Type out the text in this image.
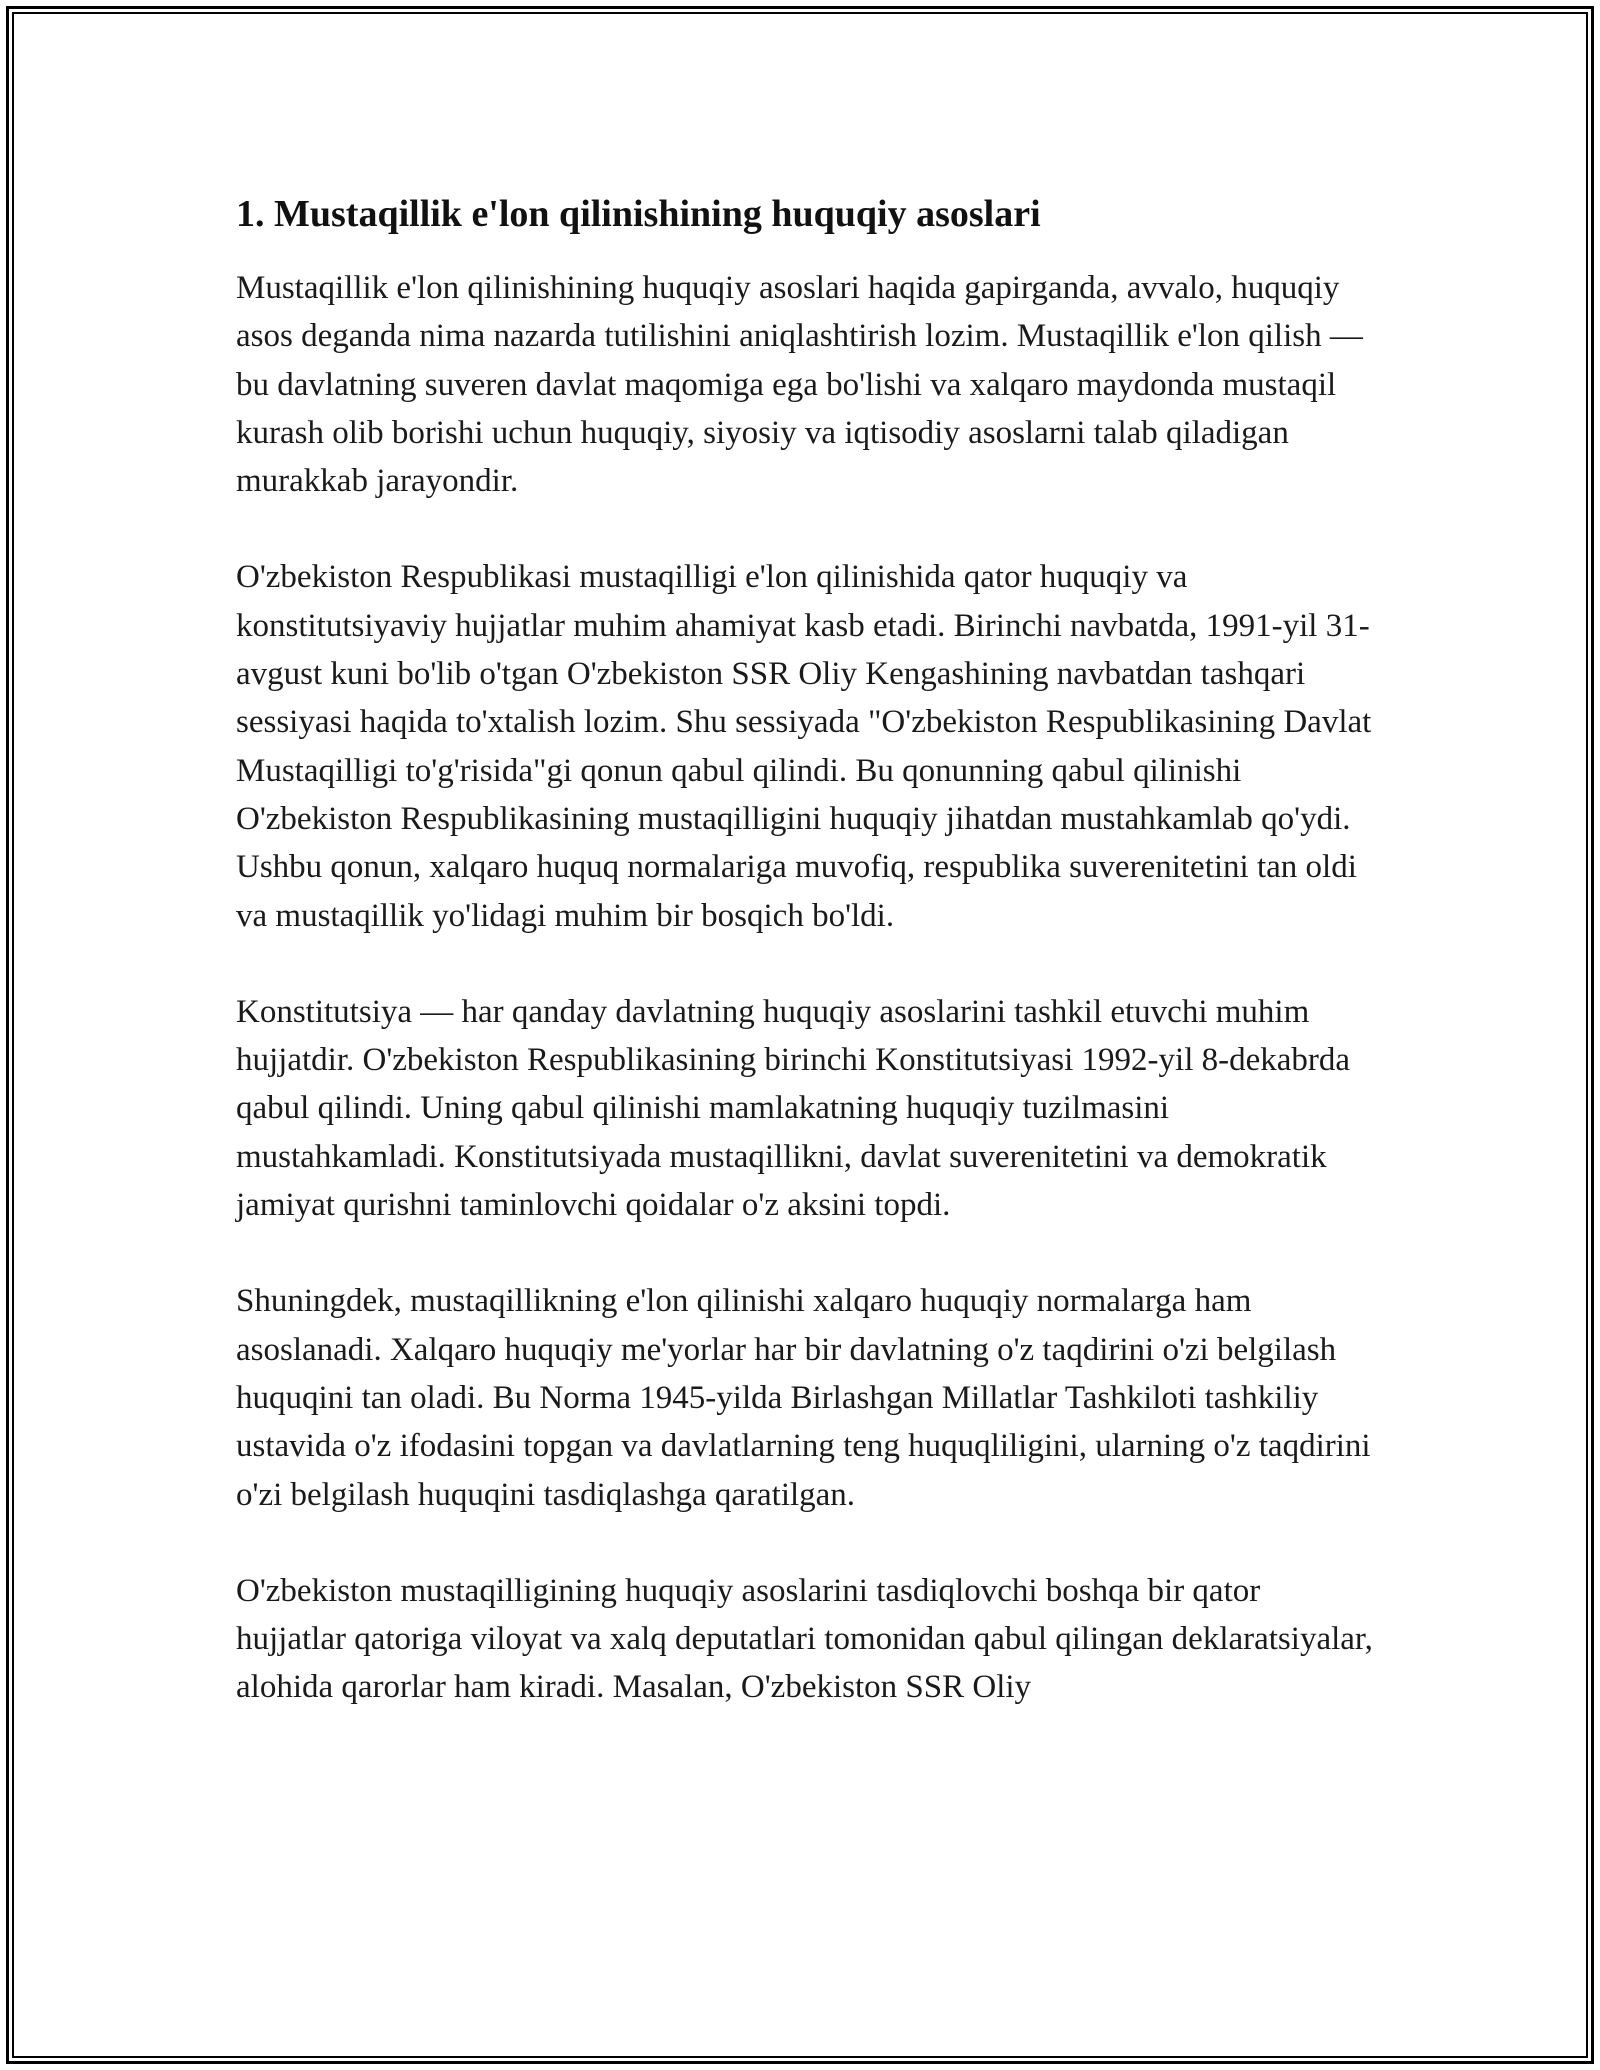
1. Mustaqillik e'lon qilinishining huquqiy asoslari

Mustaqillik e'lon qilinishining huquqiy asoslari haqida gapirganda, avvalo, huquqiy asos deganda nima nazarda tutilishini aniqlashtirish lozim. Mustaqillik e'lon qilish — bu davlatning suveren davlat maqomiga ega bo'lishi va xalqaro maydonda mustaqil kurash olib borishi uchun huquqiy, siyosiy va iqtisodiy asoslarni talab qiladigan murakkab jarayondir.

O'zbekiston Respublikasi mustaqilligi e'lon qilinishida qator huquqiy va konstitutsiyaviy hujjatlar muhim ahamiyat kasb etadi. Birinchi navbatda, 1991-yil 31-avgust kuni bo'lib o'tgan O'zbekiston SSR Oliy Kengashining navbatdan tashqari sessiyasi haqida to'xtalish lozim. Shu sessiyada "O'zbekiston Respublikasining Davlat Mustaqilligi to'g'risida"gi qonun qabul qilindi. Bu qonunning qabul qilinishi O'zbekiston Respublikasining mustaqilligini huquqiy jihatdan mustahkamlab qo'ydi. Ushbu qonun, xalqaro huquq normalariga muvofiq, respublika suverenitetini tan oldi va mustaqillik yo'lidagi muhim bir bosqich bo'ldi.

Konstitutsiya — har qanday davlatning huquqiy asoslarini tashkil etuvchi muhim hujjatdir. O'zbekiston Respublikasining birinchi Konstitutsiyasi 1992-yil 8-dekabrda qabul qilindi. Uning qabul qilinishi mamlakatning huquqiy tuzilmasini mustahkamladi. Konstitutsiyada mustaqillikni, davlat suverenitetini va demokratik jamiyat qurishni taminlovchi qoidalar o'z aksini topdi.

Shuningdek, mustaqillikning e'lon qilinishi xalqaro huquqiy normalarga ham asoslanadi. Xalqaro huquqiy me'yorlar har bir davlatning o'z taqdirini o'zi belgilash huquqini tan oladi. Bu Norma 1945-yilda Birlashgan Millatlar Tashkiloti tashkiliy ustavida o'z ifodasini topgan va davlatlarning teng huquqliligini, ularning o'z taqdirini o'zi belgilash huquqini tasdiqlashga qaratilgan.

O'zbekiston mustaqilligining huquqiy asoslarini tasdiqlovchi boshqa bir qator hujjatlar qatoriga viloyat va xalq deputatlari tomonidan qabul qilingan deklaratsiyalar, alohida qarorlar ham kiradi. Masalan, O'zbekiston SSR Oliy
